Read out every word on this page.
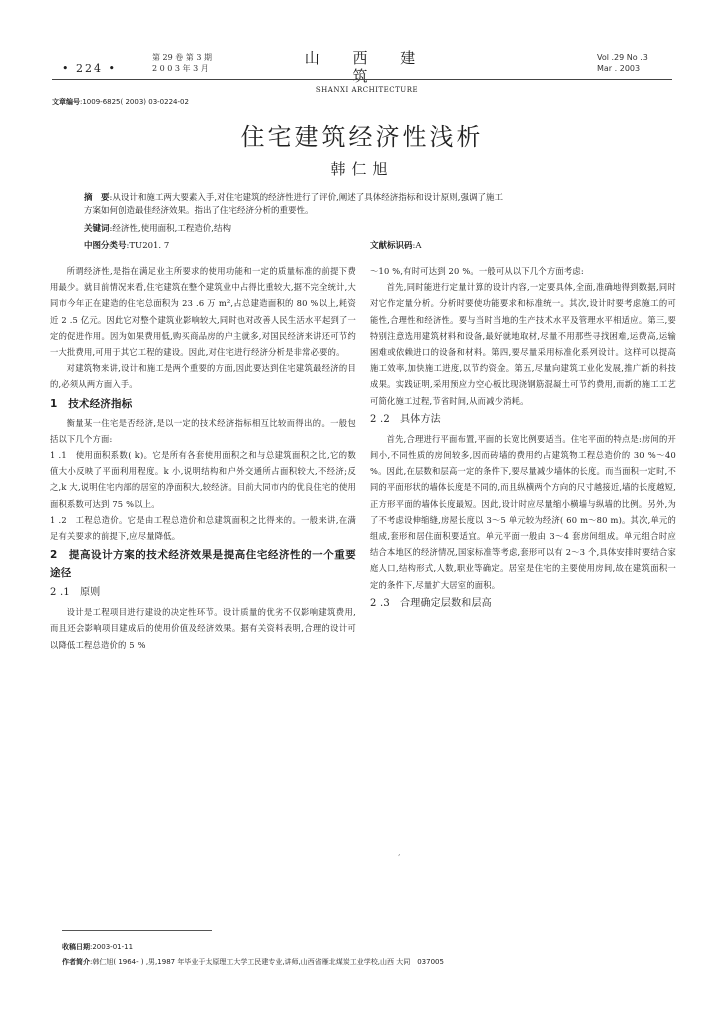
• 224 •
第 29 卷 第 3 期
2 0 0 3 年 3 月
山 西 建 筑
SHANXI ARCHITECTURE
Vol .29 No .3
Mar . 2003
文章编号:1009-6825( 2003) 03-0224-02
住宅建筑经济性浅析
韩仁旭
摘　要:从设计和施工两大要素入手,对住宅建筑的经济性进行了评价,阐述了具体经济指标和设计原则,强调了施工
方案如何创造最佳经济效果。指出了住宅经济分析的重要性。
关键词:经济性,使用面积,工程造价,结构
中图分类号:TU201. 7	文献标识码:A

所谓经济性,是指在满足业主所要求的使用功能和一定的质量标准的前提下费用最少。就目前情况来看,住宅建筑在整个建筑业中占得比重较大,据不完全统计,大同市今年正在建造的住宅总面积为 23 .6 万 m²,占总建造面积的 80 %以上,耗资近 2 .5 亿元。因此它对整个建筑业影响较大,同时也对改善人民生活水平起到了一定的促进作用。因为如果费用低,购买商品房的户主就多,对国民经济来讲还可节约一大批费用,可用于其它工程的建设。因此,对住宅进行经济分析是非常必要的。

对建筑物来讲,设计和施工是两个重要的方面,因此要达到住宅建筑最经济的目的,必须从两方面入手。

1　技术经济指标

衡量某一住宅是否经济,是以一定的技术经济指标相互比较而得出的。一般包括以下几个方面:

1 .1　使用面积系数( k)。它是所有各套使用面积之和与总建筑面积之比,它的数值大小反映了平面利用程度。k 小,说明结构和户外交通所占面积较大,不经济;反之,k 大,说明住宅内部的居室的净面积大,较经济。目前大同市内的优良住宅的使用面积系数可达到 75 %以上。

1 .2　工程总造价。它是由工程总造价和总建筑面积之比得来的。一般来讲,在满足有关要求的前提下,应尽量降低。

2　提高设计方案的技术经济效果是提高住宅经济性的一个重要途径
2 .1　原则

设计是工程项目进行建设的决定性环节。设计质量的优劣不仅影响建筑费用,而且还会影响项目建成后的使用价值及经济效果。据有关资料表明,合理的设计可以降低工程总造价的 5 %

～10 %,有时可达到 20 %。一般可从以下几个方面考虑:

首先,同时能进行定量计算的设计内容,一定要具体,全面,准确地得到数据,同时对它作定量分析。分析时要使功能要求和标准统一。其次,设计时要考虑施工的可能性,合理性和经济性。要与当时当地的生产技术水平及管理水平相适应。第三,要特别注意选用建筑材料和设备,最好就地取材,尽量不用那些寻找困难,运费高,运输困难或依赖进口的设备和材料。第四,要尽量采用标准化系列设计。这样可以提高施工效率,加快施工进度,以节约资金。第五,尽量向建筑工业化发展,推广新的科技成果。实践证明,采用预应力空心板比现浇钢筋混凝土可节约费用,而新的施工工艺可简化施工过程,节省时间,从而减少消耗。

2 .2　具体方法

首先,合理进行平面布置,平面的长宽比例要适当。住宅平面的特点是:房间的开间小,不同性质的房间较多,因而砖墙的费用约占建筑物工程总造价的 30 %～40 %。因此,在层数和层高一定的条件下,要尽量减少墙体的长度。而当面积一定时,不同的平面形状的墙体长度是不同的,而且纵横两个方向的尺寸越接近,墙的长度越短,正方形平面的墙体长度最短。因此,设计时应尽量缩小横墙与纵墙的比例。另外,为了不考虑设伸缩缝,房屋长度以 3～5 单元较为经济( 60 m～80 m)。其次,单元的组成,套形和居住面积要适宜。单元平面一般由 3～4 套房间组成。单元组合时应结合本地区的经济情况,国家标准等考虑,套形可以有 2～3 个,具体安排时要结合家庭人口,结构形式,人数,职业等确定。居室是住宅的主要使用房间,故在建筑面积一定的条件下,尽量扩大居室的面积。

2 .3　合理确定层数和层高
,
收稿日期:2003-01-11
作者简介:韩仁旭( 1964- ) ,男,1987 年毕业于太原理工大学工民建专业,讲师,山西省雁北煤炭工业学校,山西 大同　037005
